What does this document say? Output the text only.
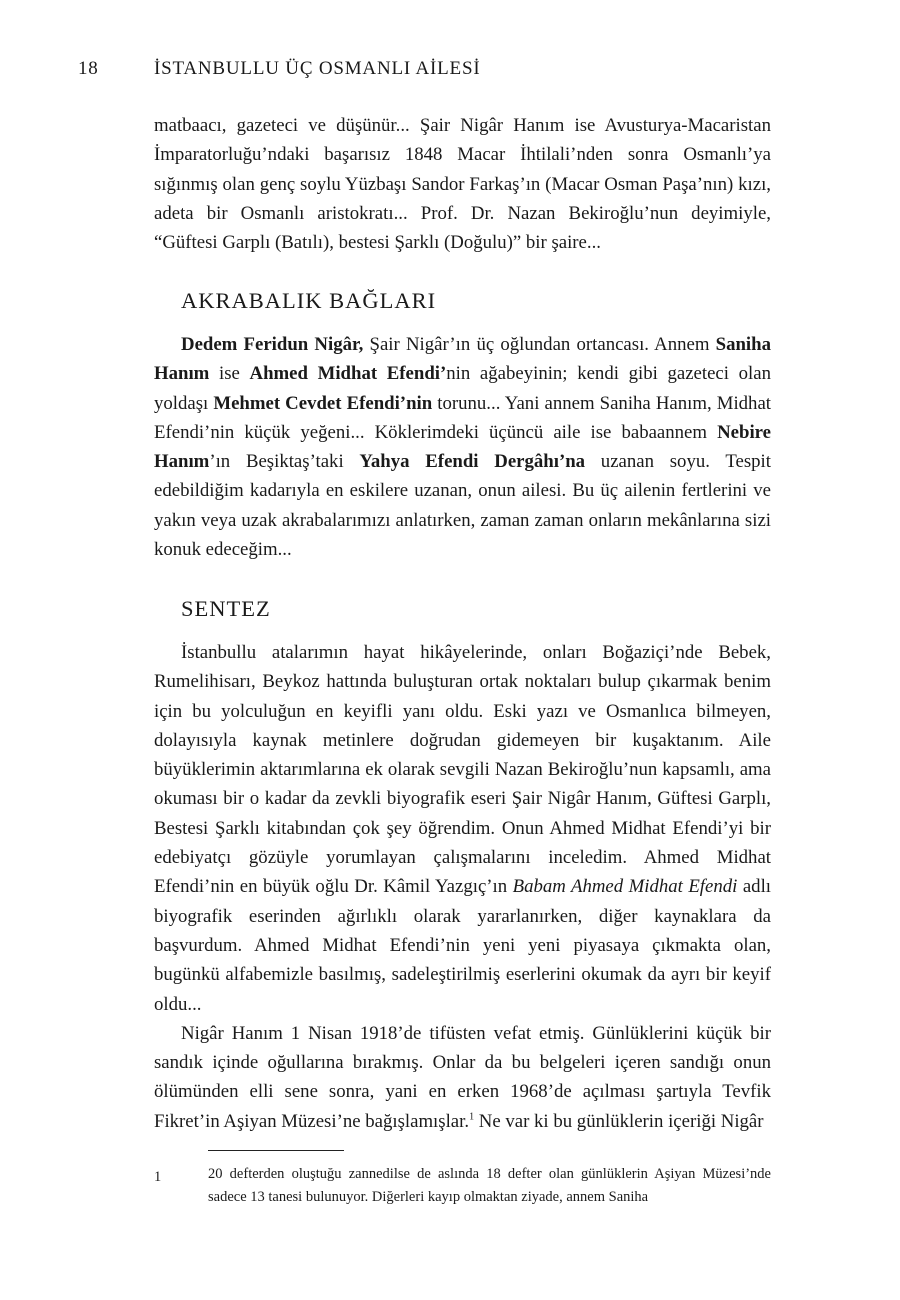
18	İSTANBULLU ÜÇ OSMANLI AİLESİ

matbaacı, gazeteci ve düşünür... Şair Nigâr Hanım ise Avusturya-Macaristan İmparatorluğu’ndaki başarısız 1848 Macar İhtilali’nden sonra Osmanlı’ya sığınmış olan genç soylu Yüzbaşı Sandor Farkaş’ın (Macar Osman Paşa’nın) kızı, adeta bir Osmanlı aristokratı... Prof. Dr. Nazan Bekiroğlu’nun deyimiyle, “Güftesi Garplı (Batılı), bestesi Şarklı (Doğulu)” bir şaire...

AKRABALIK BAĞLARI

Dedem Feridun Nigâr, Şair Nigâr’ın üç oğlundan ortancası. Annem Saniha Hanım ise Ahmed Midhat Efendi’nin ağabeyinin; kendi gibi gazeteci olan yoldaşı Mehmet Cevdet Efendi’nin torunu... Yani annem Saniha Hanım, Midhat Efendi’nin küçük yeğeni... Köklerimdeki üçüncü aile ise babaannem Nebire Hanım’ın Beşiktaş’taki Yahya Efendi Dergâhı’na uzanan soyu. Tespit edebildiğim kadarıyla en eskilere uzanan, onun ailesi. Bu üç ailenin fertlerini ve yakın veya uzak akrabalarımızı anlatırken, zaman zaman onların mekânlarına sizi konuk edeceğim...

SENTEZ

İstanbullu atalarımın hayat hikâyelerinde, onları Boğaziçi’nde Bebek, Rumelihisarı, Beykoz hattında buluşturan ortak noktaları bulup çıkarmak benim için bu yolculuğun en keyifli yanı oldu. Eski yazı ve Osmanlıca bilmeyen, dolayısıyla kaynak metinlere doğrudan gidemeyen bir kuşaktanım. Aile büyüklerimin aktarımlarına ek olarak sevgili Nazan Bekiroğlu’nun kapsamlı, ama okuması bir o kadar da zevkli biyografik eseri Şair Nigâr Hanım, Güftesi Garplı, Bestesi Şarklı kitabından çok şey öğrendim. Onun Ahmed Midhat Efendi’yi bir edebiyatçı gözüyle yorumlayan çalışmalarını inceledim. Ahmed Midhat Efendi’nin en büyük oğlu Dr. Kâmil Yazgıç’ın Babam Ahmed Midhat Efendi adlı biyografik eserinden ağırlıklı olarak yararlanırken, diğer kaynaklara da başvurdum. Ahmed Midhat Efendi’nin yeni yeni piyasaya çıkmakta olan, bugünkü alfabemizle basılmış, sadeleştirilmiş eserlerini okumak da ayrı bir keyif oldu...

Nigâr Hanım 1 Nisan 1918’de tifüsten vefat etmiş. Günlüklerini küçük bir sandık içinde oğullarına bırakmış. Onlar da bu belgeleri içeren sandığı onun ölümünden elli sene sonra, yani en erken 1968’de açılması şartıyla Tevfik Fikret’in Aşiyan Müzesi’ne bağışlamışlar.$^1$ Ne var ki bu günlüklerin içeriği Nigâr

1	20 defterden oluştuğu zannedilse de aslında 18 defter olan günlüklerin Aşiyan Müzesi’nde sadece 13 tanesi bulunuyor. Diğerleri kayıp olmaktan ziyade, annem Saniha
